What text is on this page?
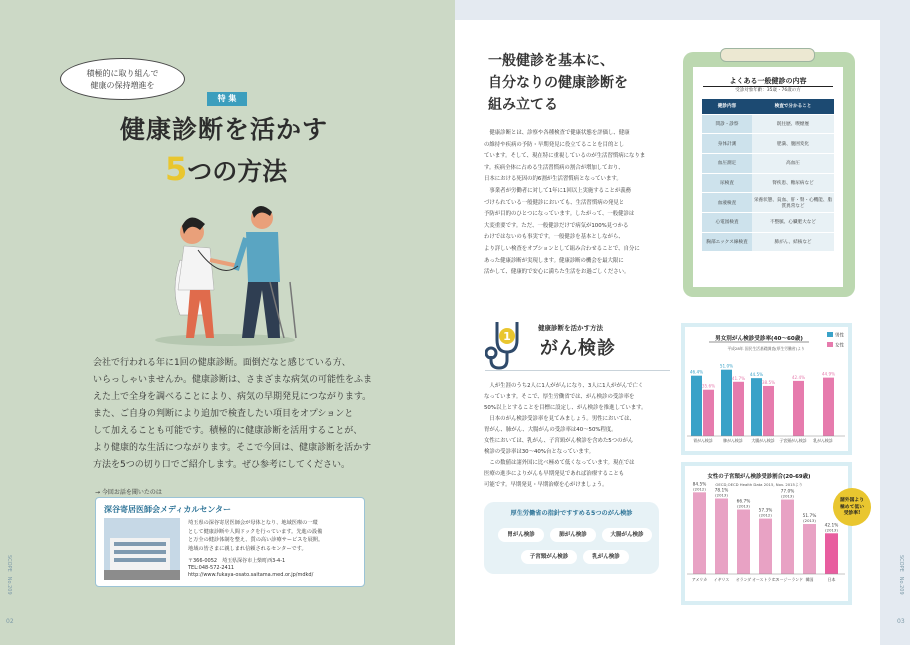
積極的に取り組んで
健康の保持増進を
特 集
健康診断を活かす
5つの方法
会社で行われる年に1回の健康診断。面倒だなと感じている方、
いらっしゃいませんか。健康診断は、さまざまな病気の可能性をふま
えた上で全身を調べることにより、病気の早期発見につながります。
また、ご自身の判断により追加で検査したい項目をオプションと
して加えることも可能です。積極的に健康診断を活用することが、
より健康的な生活につながります。そこで今回は、健康診断を活かす
方法を5つの切り口でご紹介します。ぜひ参考にしてください。
→ 今回お話を聞いたのは
深谷寄居医師会メディカルセンター
埼玉県の深谷寄居医師会が母体となり、地域医療の一環
として健康診断や人間ドックを行っています。先進の設備
と万全の健診体制を整え、質の高い診療サービスを展開。
地域の皆さまに親しまれ信頼されるセンターです。
〒366-0052　埼玉県深谷市上柴町西3-4-1
TEL:048-572-2411
http://www.fukaya-osato.saitama.med.or.jp/mdkd/
SCOPE　No.209
02
一般健診を基本に、
自分なりの健康診断を
組み立てる
　健康診断とは、診察や各種検査で健康状態を評価し、健康
の維持や疾病の予防・早期発見に役立てることを目的とし
ています。そして、現在特に重視しているのが生活習慣病になりま
す。疾病全体に占める生活習慣病の割合が増加しており、
日本における死因の約6割が生活習慣病となっています。
　事業者が労働者に対して1年に1回以上実施することが義務
づけられている一般健診においても、生活習慣病の発見と
予防が目的のひとつになっています。したがって、一般健診は
大変重要です。ただ、一般健診だけで病気が100%見つかる
わけではないのも事実です。一般健診を基本としながら、
より詳しい検査をオプションとして組み合わせることで、自分に
あった健康診断が実現します。健康診断の機会を最大限に
活かして、健康的で安心に満ちた生活をお過ごしください。
よくある一般健診の内容
受診対象年齢：35歳・76歳の方
健診内容	検査で分かること
問診・診察	既往歴、喫煙歴
身体計測	肥満、腹囲変化
血圧測定	高血圧
尿検査	腎疾患、糖尿病など
血液検査	栄養状態、貧血、肝・腎・心機能、脂質異常など
心電図検査	不整脈、心臓肥大など
胸部エックス線検査	肺がん、結核など
1
健康診断を活かす方法
がん検診
　人が生涯のうち2人に1人ががんになり、3人に1人ががんで亡く
なっています。そこで、厚生労働省では、がん検診の受診率を
50%以上とすることを目標に設定し、がん検診を推進しています。
　日本のがん検診受診率を見てみましょう。男性においては、
胃がん、肺がん、大腸がんの受診率は40〜50%程度。
女性においては、乳がん、子宮頸がん検診を含めた5つのがん
検診の受診率は30〜40%台となっています。
　この数値は諸外国に比べ極めて低くなっています。現在では
医療の進歩によりがんも早期発見であれば治療することも
可能です。早期発見・早期治療を心がけましょう。
厚生労働省の指針ですすめる5つのがん検診
胃がん検診	肺がん検診	大腸がん検診
子宮頸がん検診	乳がん検診
男女別がん検診受診率(40〜60歳)
平成28年 国民生活基礎調査(厚生労働省)より
男性
女性
46.4%
35.6%
胃がん検診
51.0%
41.7%
肺がん検診
44.5%
38.5%
大腸がん検診
42.4%
子宮頸がん検診
44.9%
乳がん検診
女性の子宮頸がん検診受診割合(20-69歳)
OECD,OECD Health Data 2015, Nov. 2015より
84.5%
(2012)
アメリカ
78.1%
(2013)
イギリス
66.7%
(2013)
オランダ
57.3%
(2012)
オーストラリア
77.0%
(2013)
ニュージーランド
51.7%
(2013)
韓国
42.1%
(2013)
日本
諸外国より
極めて低い
受診率!
SCOPE　No.209
03
